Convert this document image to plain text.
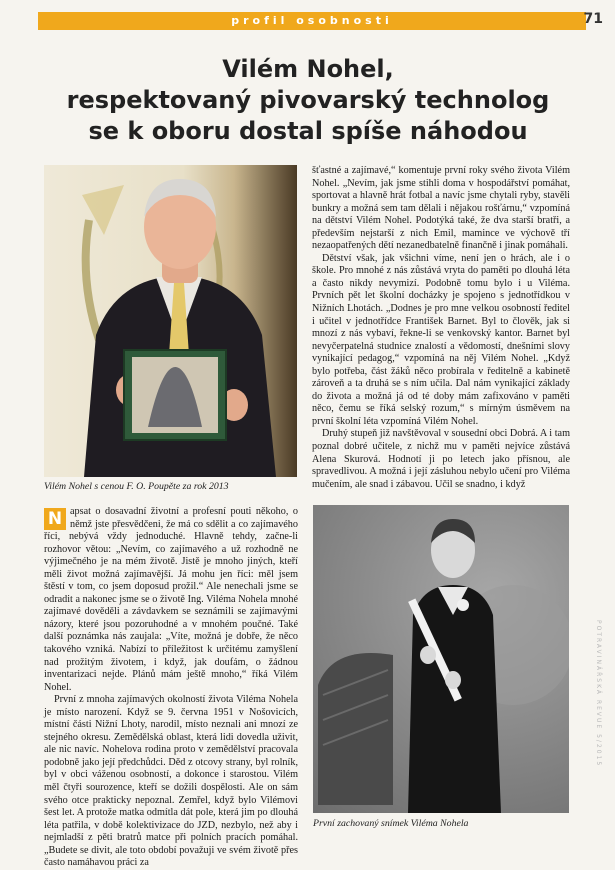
profil osobnosti	71
Vilém Nohel,
respektovaný pivovarský technolog
se k oboru dostal spíše náhodou
Vilém Nohel s cenou F. O. Poupěte za rok 2013

N apsat o dosavadní životní a profesní pouti někoho, o němž jste přesvědčeni, že má co sdělit a co zajímavého říci, nebývá vždy jednoduché. Hlavně tehdy, začne-li rozhovor větou: „Nevím, co zajímavého a už rozhodně ne výjimečného je na mém životě. Jistě je mnoho jiných, kteří měli život možná zajímavější. Já mohu jen říci: měl jsem štěstí v tom, co jsem doposud prožil.“ Ale nenechali jsme se odradit a nakonec jsme se o životě Ing. Viléma Nohela mnohé zajímavé dověděli a závdavkem se seznámili se zajímavými názory, které jsou pozoruhodné a v mnohém poučné. Také další poznámka nás zaujala: „Víte, možná je dobře, že něco takového vzniká. Nabízí to příležitost k určitému zamyšlení nad prožitým životem, i když, jak doufám, o žádnou inventarizaci nejde. Plánů mám ještě mnoho,“ říká Vilém Nohel.

První z mnoha zajímavých okolností života Viléma Nohela je místo narození. Když se 9. června 1951 v Nošovicích, místní části Nižní Lhoty, narodil, místo neznali ani mnozí ze stejného okresu. Zemědělská oblast, která lidi dovedla uživit, ale nic navíc. Nohelova rodina proto v zemědělství pracovala podobně jako její předchůdci. Děd z otcovy strany, byl rolník, byl v obci váženou osobností, a dokonce i starostou. Vilém měl čtyři sourozence, kteří se dožili dospělosti. Ale on sám svého otce prakticky nepoznal. Zemřel, když bylo Vilémovi šest let. A protože matka odmítla dát pole, která jim po dlouhá léta patřila, v době kolektivizace do JZD, nezbylo, než aby i nejmladší z pěti bratrů matce při polních pracích pomáhal. „Budete se divit, ale toto období považuji ve svém životě přes často namáhavou práci za

šťastné a zajímavé,“ komentuje první roky svého života Vilém Nohel. „Nevím, jak jsme stihli doma v hospodářství pomáhat, sportovat a hlavně hrát fotbal a navíc jsme chytali ryby, stavěli bunkry a možná sem tam dělali i nějakou rošťárnu,“ vzpomíná na dětství Vilém Nohel. Podotýká také, že dva starší bratři, a především nejstarší z nich Emil, mamince ve výchově tří nezaopatřených dětí nezanedbatelně finančně i jinak pomáhali.

Dětství však, jak všichni víme, není jen o hrách, ale i o škole. Pro mnohé z nás zůstává vryta do paměti po dlouhá léta a často nikdy nevymizí. Podobně tomu bylo i u Viléma. Prvních pět let školní docházky je spojeno s jednotřídkou v Nižních Lhotách. „Dodnes je pro mne velkou osobností ředitel i učitel v jednotřídce František Barnet. Byl to člověk, jak si mnozí z nás vybaví, řekne-li se venkovský kantor. Barnet byl nevyčerpatelná studnice znalostí a vědomostí, dnešními slovy vynikající pedagog,“ vzpomíná na něj Vilém Nohel. „Když bylo potřeba, část žáků něco probírala v ředitelně a kabinetě zároveň a ta druhá se s ním učila. Dal nám vynikající základy do života a možná já od té doby mám zafixováno v paměti něco, čemu se říká selský rozum,“ s mírným úsměvem na první školní léta vzpomíná Vilém Nohel.

Druhý stupeň již navštěvoval v sousední obci Dobrá. A i tam poznal dobré učitele, z nichž mu v paměti nejvíce zůstává Alena Skurová. Hodnotí ji po letech jako přísnou, ale spravedlivou. A možná i její zásluhou nebylo učení pro Viléma mučením, ale snad i zábavou. Učil se snadno, i když

První zachovaný snímek Viléma Nohela
POTRAVINÁŘSKÁ REVUE 5/2015
